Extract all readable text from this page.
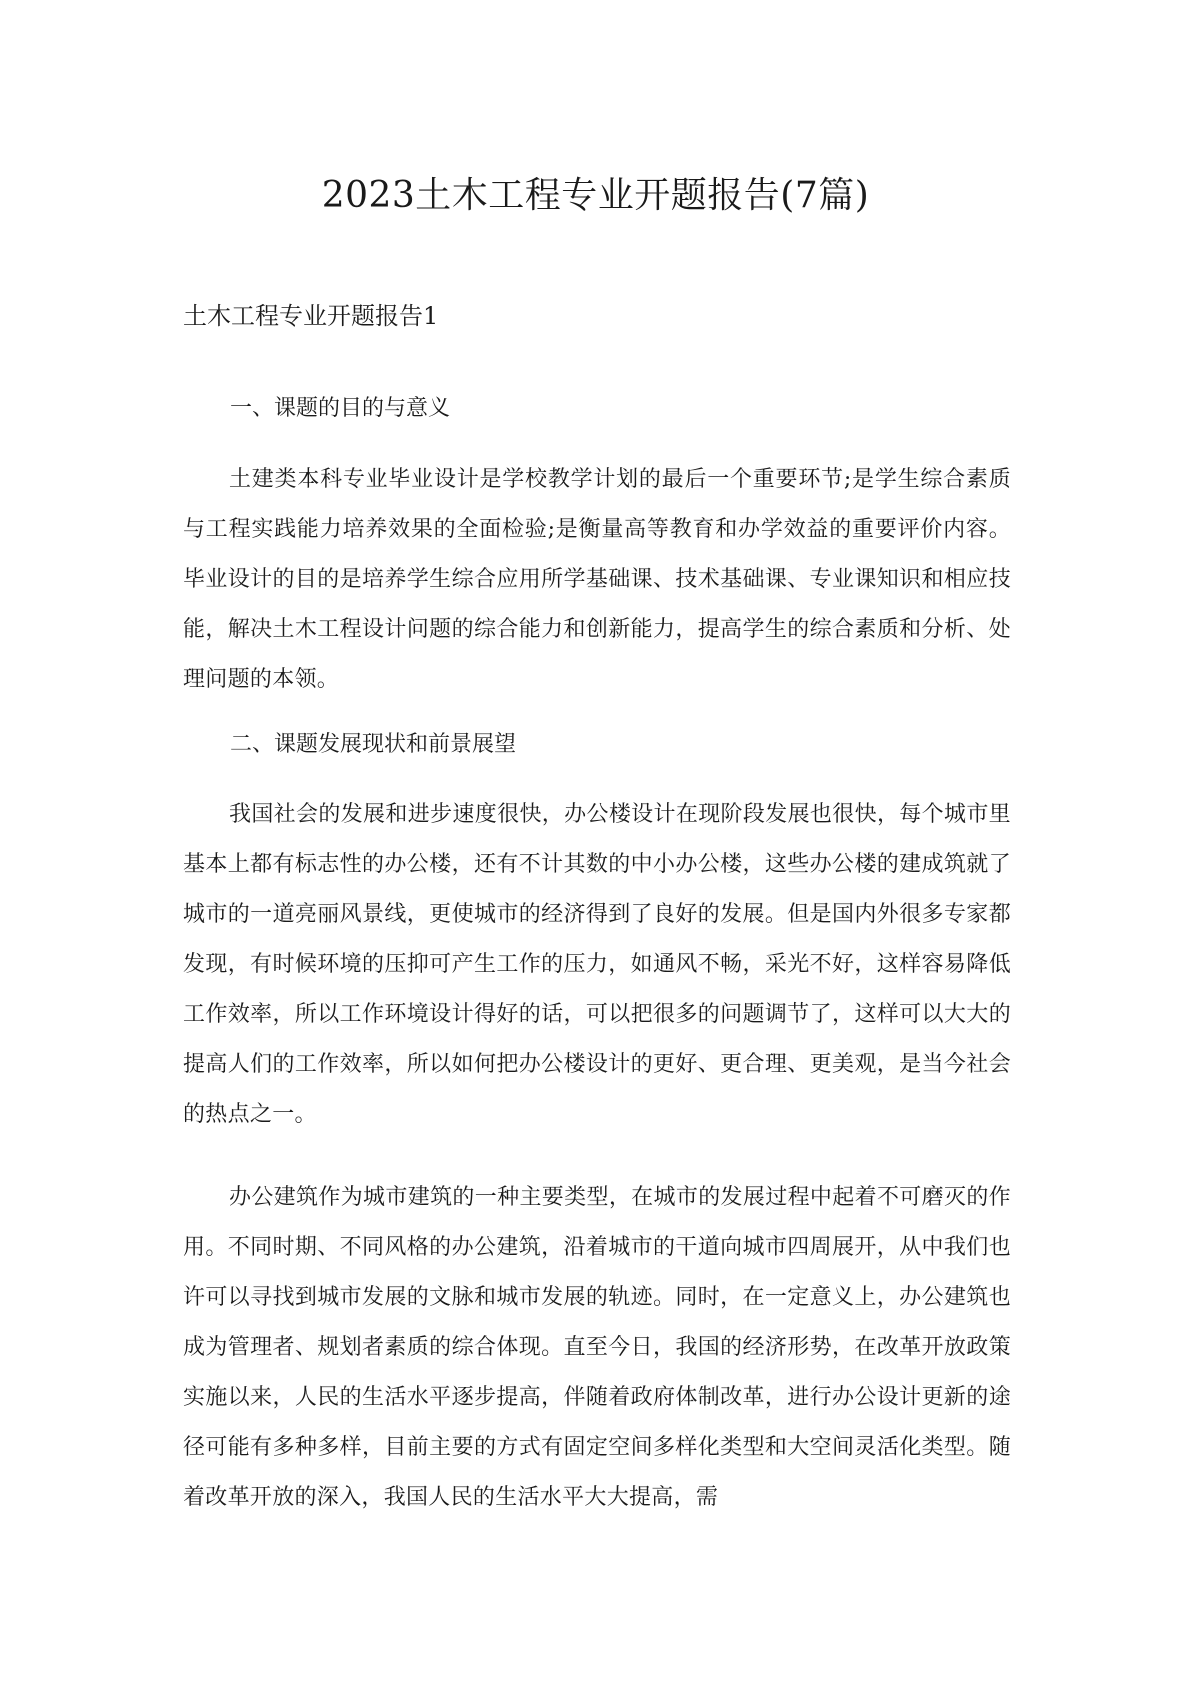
2023土木工程专业开题报告(7篇)
土木工程专业开题报告1
一、课题的目的与意义

土建类本科专业毕业设计是学校教学计划的最后一个重要环节;是学生综合素质与工程实践能力培养效果的全面检验;是衡量高等教育和办学效益的重要评价内容。毕业设计的目的是培养学生综合应用所学基础课、技术基础课、专业课知识和相应技能，解决土木工程设计问题的综合能力和创新能力，提高学生的综合素质和分析、处理问题的本领。

二、课题发展现状和前景展望

我国社会的发展和进步速度很快，办公楼设计在现阶段发展也很快，每个城市里基本上都有标志性的办公楼，还有不计其数的中小办公楼，这些办公楼的建成筑就了城市的一道亮丽风景线，更使城市的经济得到了良好的发展。但是国内外很多专家都发现，有时候环境的压抑可产生工作的压力，如通风不畅，采光不好，这样容易降低工作效率，所以工作环境设计得好的话，可以把很多的问题调节了，这样可以大大的提高人们的工作效率，所以如何把办公楼设计的更好、更合理、更美观，是当今社会的热点之一。

办公建筑作为城市建筑的一种主要类型，在城市的发展过程中起着不可磨灭的作用。不同时期、不同风格的办公建筑，沿着城市的干道向城市四周展开，从中我们也许可以寻找到城市发展的文脉和城市发展的轨迹。同时，在一定意义上，办公建筑也成为管理者、规划者素质的综合体现。直至今日，我国的经济形势，在改革开放政策实施以来，人民的生活水平逐步提高，伴随着政府体制改革，进行办公设计更新的途径可能有多种多样，目前主要的方式有固定空间多样化类型和大空间灵活化类型。随着改革开放的深入，我国人民的生活水平大大提高，需
